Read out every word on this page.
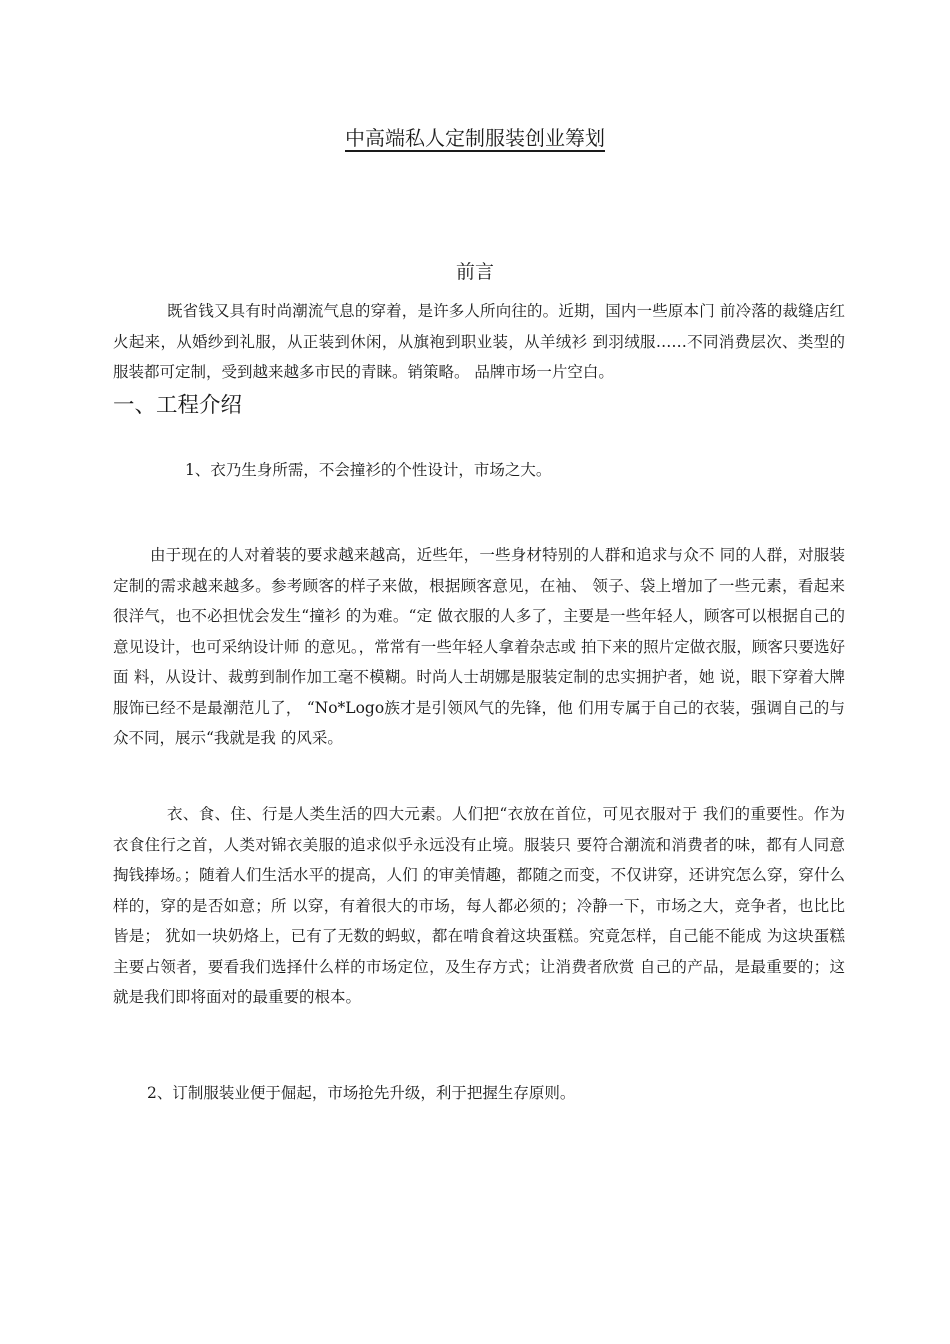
中高端私人定制服装创业筹划
前言

既省钱又具有时尚潮流气息的穿着，是许多人所向往的。近期，国内一些原本门 前冷落的裁缝店红火起来，从婚纱到礼服，从正装到休闲，从旗袍到职业装，从羊绒衫 到羽绒服……不同消费层次、类型的服装都可定制，受到越来越多市民的青睐。销策略。 品牌市场一片空白。

一、工程介绍
1、衣乃生身所需，不会撞衫的个性设计，市场之大。

由于现在的人对着装的要求越来越高，近些年，一些身材特别的人群和追求与众不 同的人群，对服装定制的需求越来越多。参考顾客的样子来做，根据顾客意见，在袖、 领子、袋上增加了一些元素，看起来很洋气，也不必担忧会发生“撞衫 的为难。“定 做衣服的人多了，主要是一些年轻人，顾客可以根据自己的意见设计，也可采纳设计师 的意见。，常常有一些年轻人拿着杂志或 拍下来的照片定做衣服，顾客只要选好面 料，从设计、裁剪到制作加工毫不模糊。时尚人士胡娜是服装定制的忠实拥护者，她 说，眼下穿着大牌服饰已经不是最潮范儿了， “No*Logo族才是引领风气的先锋，他 们用专属于自己的衣装，强调自己的与众不同，展示“我就是我 的风采。

衣、食、住、行是人类生活的四大元素。人们把“衣放在首位，可见衣服对于 我们的重要性。作为衣食住行之首，人类对锦衣美服的追求似乎永远没有止境。服装只 要符合潮流和消费者的味，都有人同意掏钱捧场。；随着人们生活水平的提高，人们 的审美情趣，都随之而变，不仅讲穿，还讲究怎么穿，穿什么样的，穿的是否如意；所 以穿，有着很大的市场，每人都必须的；冷静一下，市场之大，竞争者，也比比皆是； 犹如一块奶烙上，已有了无数的蚂蚁，都在啃食着这块蛋糕。究竟怎样，自己能不能成 为这块蛋糕主要占领者，要看我们选择什么样的市场定位，及生存方式；让消费者欣赏 自己的产品，是最重要的；这就是我们即将面对的最重要的根本。

2、订制服装业便于倔起，市场抢先升级，利于把握生存原则。
